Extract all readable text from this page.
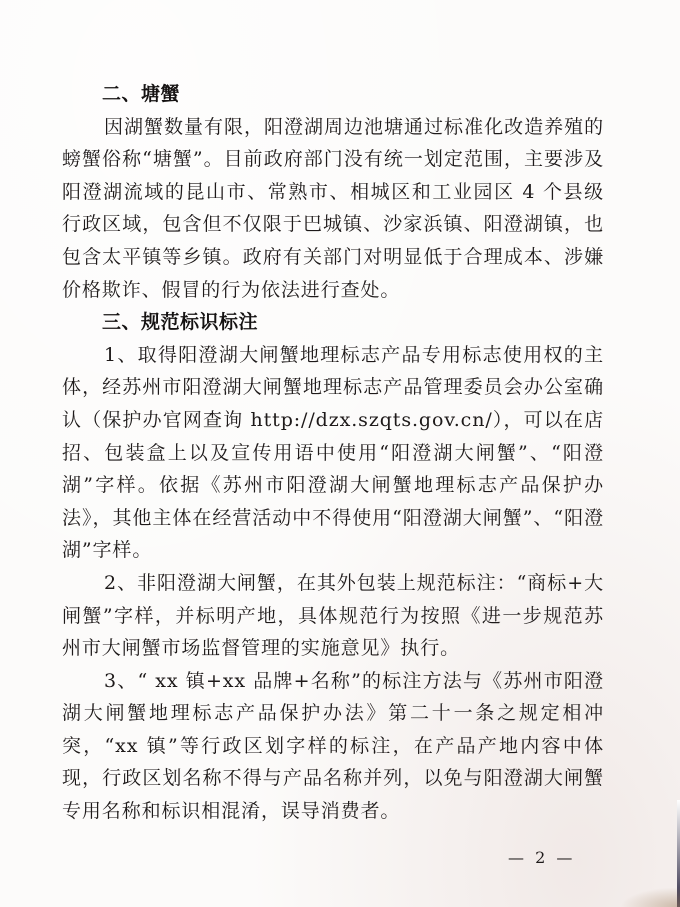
二、塘蟹

因湖蟹数量有限，阳澄湖周边池塘通过标准化改造养殖的螃蟹俗称“塘蟹”。目前政府部门没有统一划定范围，主要涉及阳澄湖流域的昆山市、常熟市、相城区和工业园区 4 个县级行政区域，包含但不仅限于巴城镇、沙家浜镇、阳澄湖镇，也包含太平镇等乡镇。政府有关部门对明显低于合理成本、涉嫌价格欺诈、假冒的行为依法进行查处。

三、规范标识标注

1、取得阳澄湖大闸蟹地理标志产品专用标志使用权的主体，经苏州市阳澄湖大闸蟹地理标志产品管理委员会办公室确认（保护办官网查询 http://dzx.szqts.gov.cn/），可以在店招、包装盒上以及宣传用语中使用“阳澄湖大闸蟹”、“阳澄湖”字样。依据《苏州市阳澄湖大闸蟹地理标志产品保护办法》，其他主体在经营活动中不得使用“阳澄湖大闸蟹”、“阳澄湖”字样。

2、非阳澄湖大闸蟹，在其外包装上规范标注：“商标+大闸蟹”字样，并标明产地，具体规范行为按照《进一步规范苏州市大闸蟹市场监督管理的实施意见》执行。

3、“ xx 镇+xx 品牌+名称”的标注方法与《苏州市阳澄湖大闸蟹地理标志产品保护办法》第二十一条之规定相冲突，“xx 镇”等行政区划字样的标注，在产品产地内容中体现，行政区划名称不得与产品名称并列，以免与阳澄湖大闸蟹专用名称和标识相混淆，误导消费者。

— 2 —
